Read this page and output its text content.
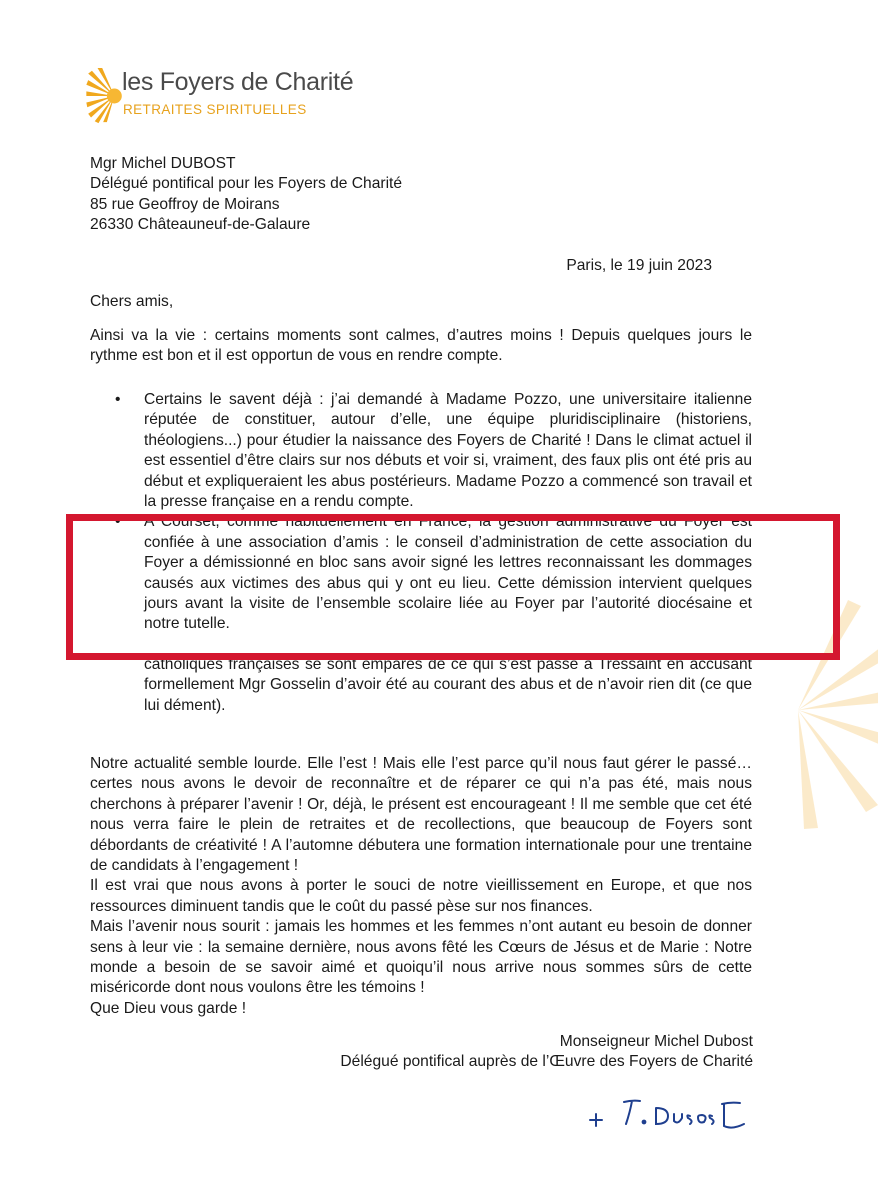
les Foyers de Charité
RETRAITES SPIRITUELLES
Mgr Michel DUBOST
Délégué pontifical pour les Foyers de Charité
85 rue Geoffroy de Moirans
26330 Châteauneuf-de-Galaure
Paris, le 19 juin 2023
Chers amis,
Ainsi va la vie : certains moments sont calmes, d’autres moins ! Depuis quelques jours le rythme est bon et il est opportun de vous en rendre compte.
• Certains le savent déjà : j’ai demandé à Madame Pozzo, une universitaire italienne réputée de constituer, autour d’elle, une équipe pluridisciplinaire (historiens, théologiens...) pour étudier la naissance des Foyers de Charité ! Dans le climat actuel il est essentiel d’être clairs sur nos débuts et voir si, vraiment, des faux plis ont été pris au début et expliqueraient les abus postérieurs. Madame Pozzo a commencé son travail et la presse française en a rendu compte.
• A Courset, comme habituellement en France, la gestion administrative du Foyer est confiée à une association d’amis : le conseil d’administration de cette association du Foyer a démissionné en bloc sans avoir signé les lettres reconnaissant les dommages causés aux victimes des abus qui y ont eu lieu. Cette démission intervient quelques jours avant la visite de l’ensemble scolaire liée au Foyer par l’autorité diocésaine et notre tutelle.
catholiques françaises se sont emparés de ce qui s’est passé à Tressaint en accusant formellement Mgr Gosselin d’avoir été au courant des abus et de n’avoir rien dit (ce que lui dément).

Notre actualité semble lourde. Elle l’est ! Mais elle l’est parce qu’il nous faut gérer le passé…certes nous avons le devoir de reconnaître et de réparer ce qui n’a pas été, mais nous cherchons à préparer l’avenir ! Or, déjà, le présent est encourageant ! Il me semble que cet été nous verra faire le plein de retraites et de recollections, que beaucoup de Foyers sont débordants de créativité ! A l’automne débutera une formation internationale pour une trentaine de candidats à l’engagement !

Il est vrai que nous avons à porter le souci de notre vieillissement en Europe, et que nos ressources diminuent tandis que le coût du passé pèse sur nos finances.

Mais l’avenir nous sourit : jamais les hommes et les femmes n’ont autant eu besoin de donner sens à leur vie : la semaine dernière, nous avons fêté les Cœurs de Jésus et de Marie : Notre monde a besoin de se savoir aimé et quoiqu’il nous arrive nous sommes sûrs de cette miséricorde dont nous voulons être les témoins !

Que Dieu vous garde !

Monseigneur Michel Dubost
Délégué pontifical auprès de l’Œuvre des Foyers de Charité
